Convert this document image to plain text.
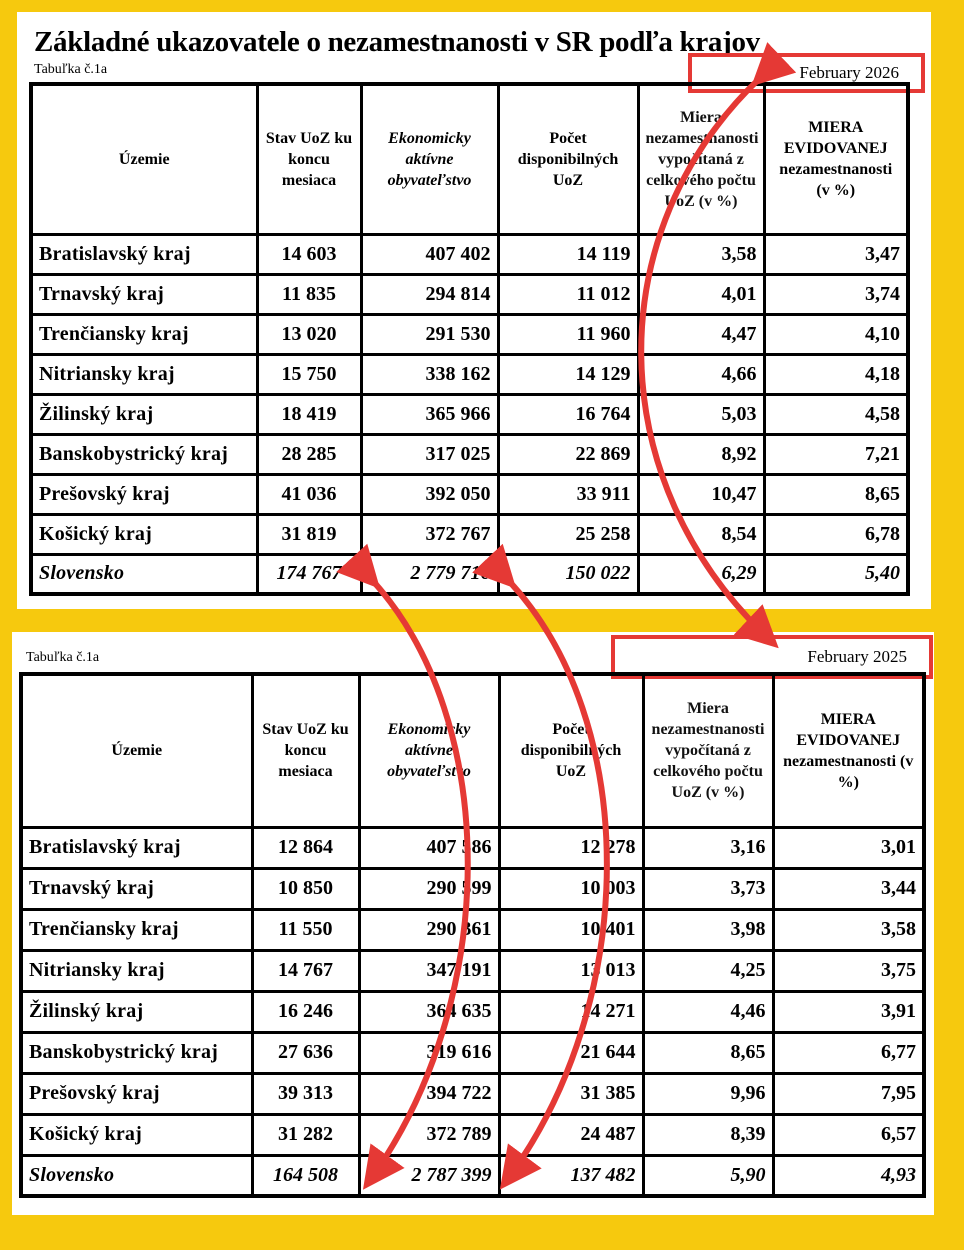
Základné ukazovatele o nezamestnanosti v SR podľa krajov
Tabuľka č.1a	February 2026
Územie	Stav UoZ ku koncu mesiaca	Ekonomicky aktívne obyvateľstvo	Počet disponibilných UoZ	Miera nezamestnanosti vypočítaná z celkového počtu UoZ (v %)	MIERA EVIDOVANEJ nezamestnanosti (v %)
Bratislavský kraj	14 603	407 402	14 119	3,58	3,47
Trnavský kraj	11 835	294 814	11 012	4,01	3,74
Trenčiansky kraj	13 020	291 530	11 960	4,47	4,10
Nitriansky kraj	15 750	338 162	14 129	4,66	4,18
Žilinský kraj	18 419	365 966	16 764	5,03	4,58
Banskobystrický kraj	28 285	317 025	22 869	8,92	7,21
Prešovský kraj	41 036	392 050	33 911	10,47	8,65
Košický kraj	31 819	372 767	25 258	8,54	6,78
Slovensko	174 767	2 779 716	150 022	6,29	5,40
Tabuľka č.1a	February 2025
Územie	Stav UoZ ku koncu mesiaca	Ekonomicky aktívne obyvateľstvo	Počet disponibilných UoZ	Miera nezamestnanosti vypočítaná z celkového počtu UoZ (v %)	MIERA EVIDOVANEJ nezamestnanosti (v %)
Bratislavský kraj	12 864	407 586	12 278	3,16	3,01
Trnavský kraj	10 850	290 599	10 003	3,73	3,44
Trenčiansky kraj	11 550	290 361	10 401	3,98	3,58
Nitriansky kraj	14 767	347 191	13 013	4,25	3,75
Žilinský kraj	16 246	364 635	14 271	4,46	3,91
Banskobystrický kraj	27 636	319 616	21 644	8,65	6,77
Prešovský kraj	39 313	394 722	31 385	9,96	7,95
Košický kraj	31 282	372 789	24 487	8,39	6,57
Slovensko	164 508	2 787 399	137 482	5,90	4,93
